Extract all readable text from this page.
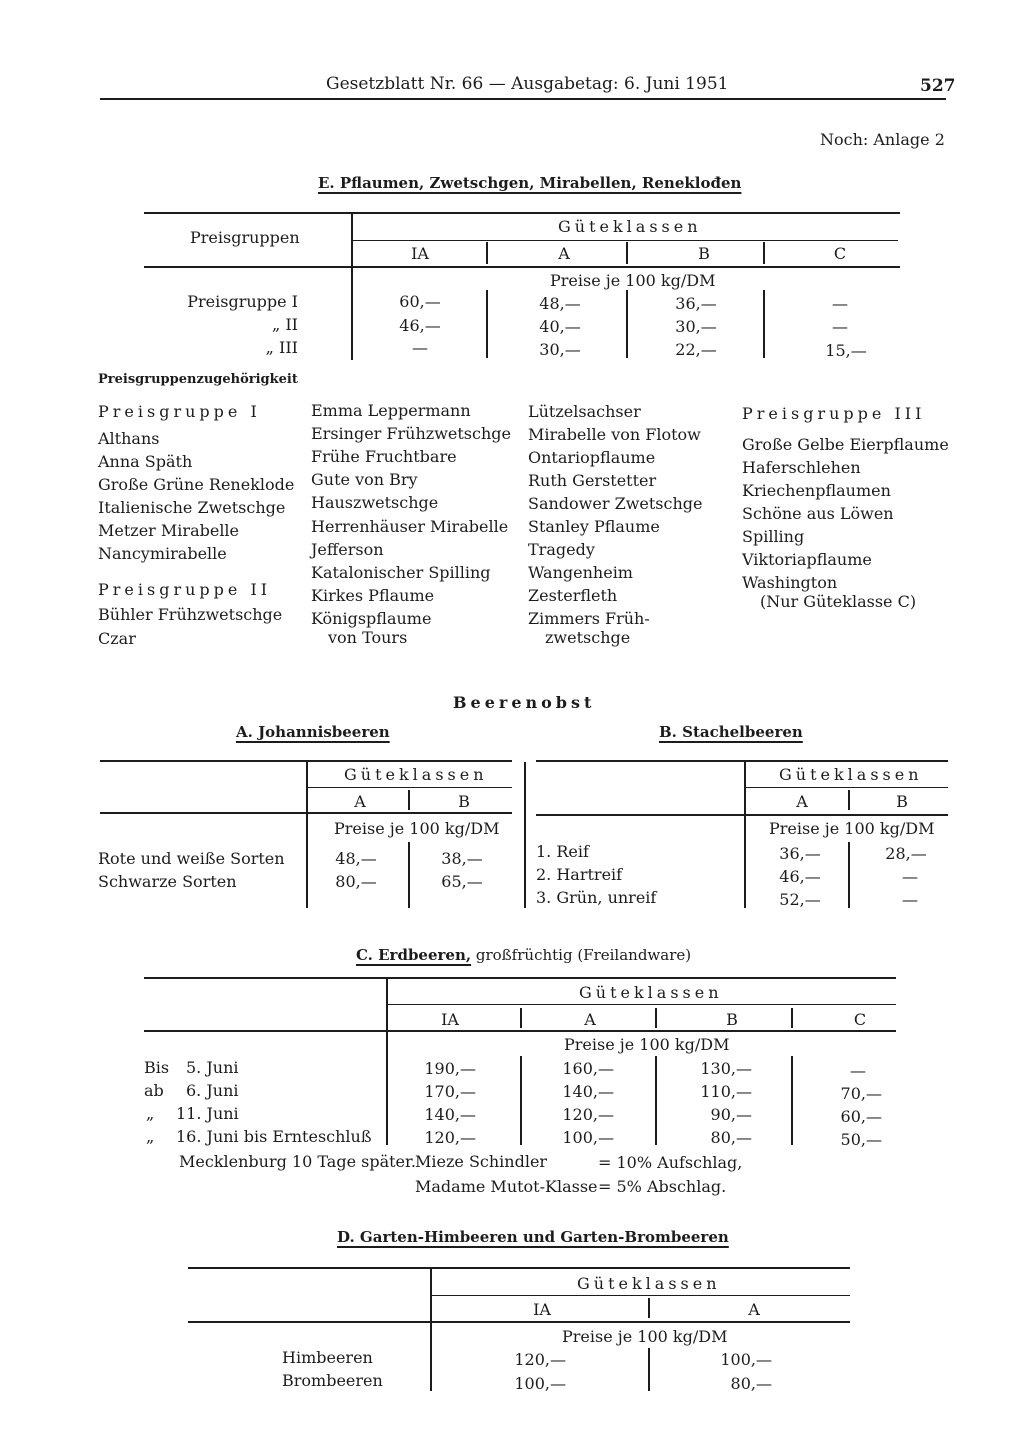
Gesetzblatt Nr. 66 — Ausgabetag: 6. Juni 1951	527
Noch: Anlage 2
E. Pflaumen, Zwetschgen, Mirabellen, Reneklođen
Preisgruppen
Güteklassen
IA	A	B	C
Preise je 100 kg/DM
Preisgruppe I	60,—	48,—	36,—	—
„ II	46,—	40,—	30,—	—
„ III	—	30,—	22,—	15,—
Preisgruppenzugehörigkeit
Preisgruppe I
Althans
Anna Späth
Große Grüne Reneklode
Italienische Zwetschge
Metzer Mirabelle
Nancymirabelle
Preisgruppe II
Bühler Frühzwetschge
Czar
Emma Leppermann
Ersinger Frühzwetschge
Frühe Fruchtbare
Gute von Bry
Hauszwetschge
Herrenhäuser Mirabelle
Jefferson
Katalonischer Spilling
Kirkes Pflaume
Königspflaume
von Tours
Lützelsachser
Mirabelle von Flotow
Ontariopflaume
Ruth Gerstetter
Sandower Zwetschge
Stanley Pflaume
Tragedy
Wangenheim
Zesterfleth
Zimmers Früh-
zwetschge
Preisgruppe III
Große Gelbe Eierpflaume
Haferschlehen
Kriechenpflaumen
Schöne aus Löwen
Spilling
Viktoriapflaume
Washington
(Nur Güteklasse C)
Beerenobst
A. Johannisbeeren
Güteklassen
A	B
Preise je 100 kg/DM
Rote und weiße Sorten	48,—	38,—
Schwarze Sorten	80,—	65,—
B. Stachelbeeren
Güteklassen
A	B
Preise je 100 kg/DM
1. Reif	36,—	28,—
2. Hartreif	46,—	—
3. Grün, unreif	52,—	—
C. Erdbeeren, großfrüchtig (Freilandware)
Güteklassen
IA	A	B	C
Preise je 100 kg/DM
Bis 5. Juni	190,—	160,—	130,—	—
ab 6. Juni	170,—	140,—	110,—	70,—
„ 11. Juni	140,—	120,—	90,—	60,—
„ 16. Juni bis Ernteschluß	120,—	100,—	80,—	50,—
Mecklenburg 10 Tage später. Mieze Schindler	= 10% Aufschlag,
Madame Mutot-Klasse = 5% Abschlag.
D. Garten-Himbeeren und Garten-Brombeeren
Güteklassen
IA	A
Preise je 100 kg/DM
Himbeeren	120,—	100,—
Brombeeren	100,—	80,—
